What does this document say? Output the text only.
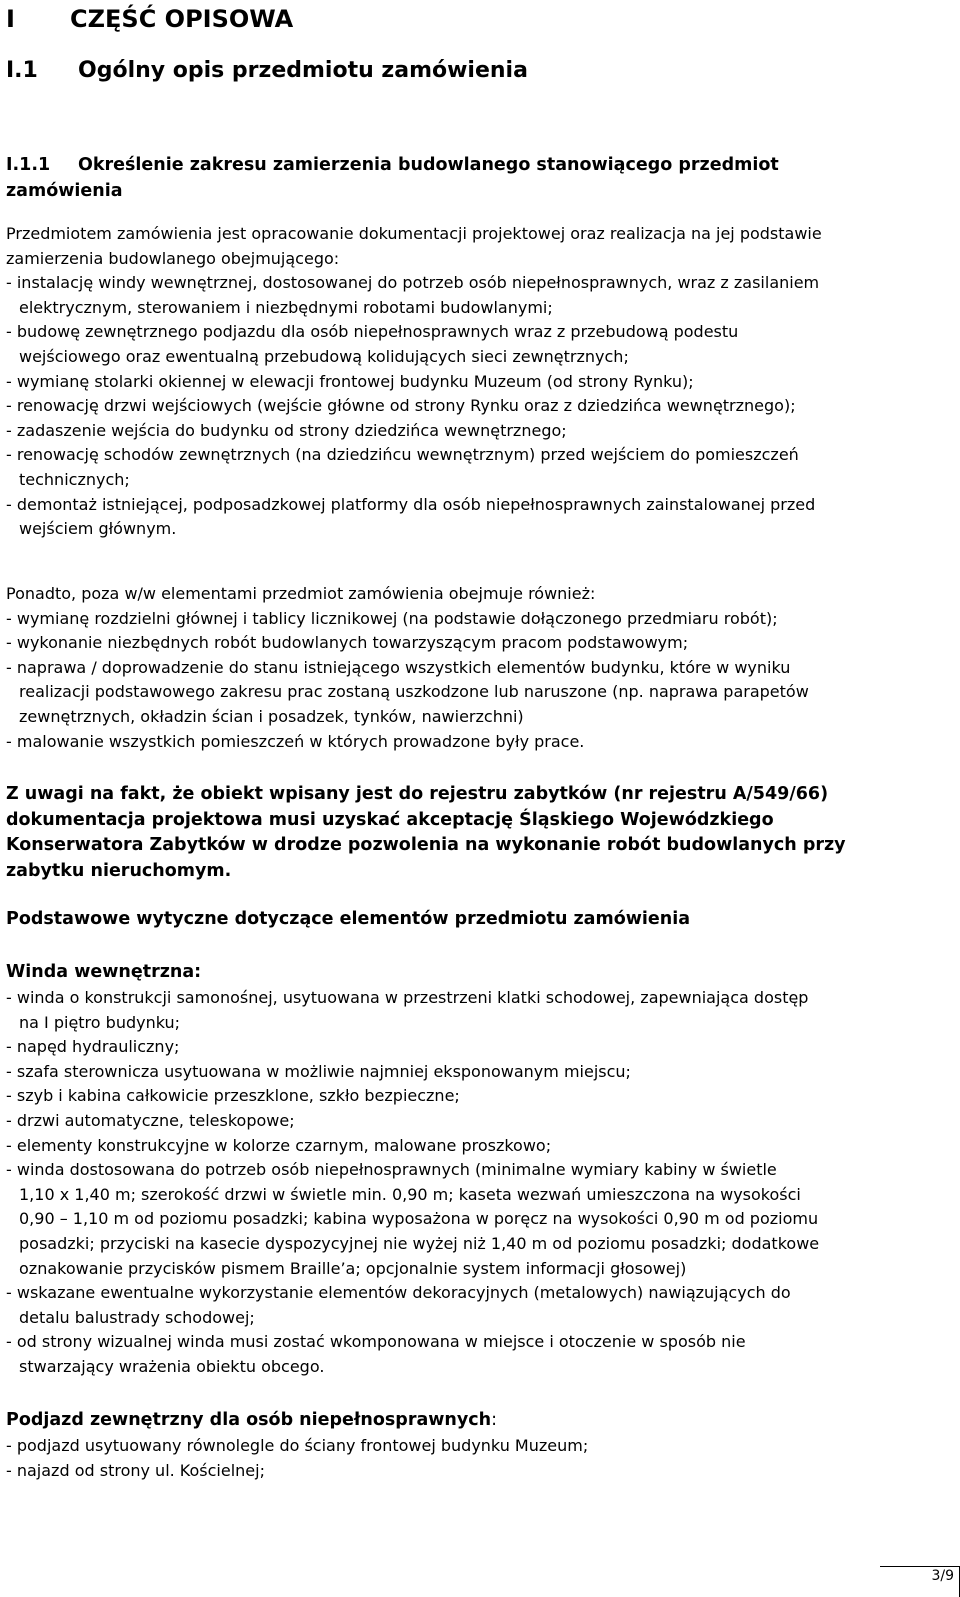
I CZĘŚĆ OPISOWA
I.1 Ogólny opis przedmiotu zamówienia
I.1.1	Określenie zakresu zamierzenia budowlanego stanowiącego przedmiot
zamówienia
Przedmiotem zamówienia jest opracowanie dokumentacji projektowej oraz realizacja na jej podstawie
zamierzenia budowlanego obejmującego:
- instalację windy wewnętrznej, dostosowanej do potrzeb osób niepełnosprawnych, wraz z zasilaniem
elektrycznym, sterowaniem i niezbędnymi robotami budowlanymi;
- budowę zewnętrznego podjazdu dla osób niepełnosprawnych wraz z przebudową podestu
wejściowego oraz ewentualną przebudową kolidujących sieci zewnętrznych;
- wymianę stolarki okiennej w elewacji frontowej budynku Muzeum (od strony Rynku);
- renowację drzwi wejściowych (wejście główne od strony Rynku oraz z dziedzińca wewnętrznego);
- zadaszenie wejścia do budynku od strony dziedzińca wewnętrznego;
- renowację schodów zewnętrznych (na dziedzińcu wewnętrznym) przed wejściem do pomieszczeń
technicznych;
- demontaż istniejącej, podposadzkowej platformy dla osób niepełnosprawnych zainstalowanej przed
wejściem głównym.
Ponadto, poza w/w elementami przedmiot zamówienia obejmuje również:
- wymianę rozdzielni głównej i tablicy licznikowej (na podstawie dołączonego przedmiaru robót);
- wykonanie niezbędnych robót budowlanych towarzyszącym pracom podstawowym;
- naprawa / doprowadzenie do stanu istniejącego wszystkich elementów budynku, które w wyniku
realizacji podstawowego zakresu prac zostaną uszkodzone lub naruszone (np. naprawa parapetów
zewnętrznych, okładzin ścian i posadzek, tynków, nawierzchni)
- malowanie wszystkich pomieszczeń w których prowadzone były prace.
Z uwagi na fakt, że obiekt wpisany jest do rejestru zabytków (nr rejestru A/549/66)
dokumentacja projektowa musi uzyskać akceptację Śląskiego Wojewódzkiego
Konserwatora Zabytków w drodze pozwolenia na wykonanie robót budowlanych przy
zabytku nieruchomym.
Podstawowe wytyczne dotyczące elementów przedmiotu zamówienia
Winda wewnętrzna:
- winda o konstrukcji samonośnej, usytuowana w przestrzeni klatki schodowej, zapewniająca dostęp
na I piętro budynku;
- napęd hydrauliczny;
- szafa sterownicza usytuowana w możliwie najmniej eksponowanym miejscu;
- szyb i kabina całkowicie przeszklone, szkło bezpieczne;
- drzwi automatyczne, teleskopowe;
- elementy konstrukcyjne w kolorze czarnym, malowane proszkowo;
- winda dostosowana do potrzeb osób niepełnosprawnych (minimalne wymiary kabiny w świetle
1,10 x 1,40 m; szerokość drzwi w świetle min. 0,90 m; kaseta wezwań umieszczona na wysokości
0,90 – 1,10 m od poziomu posadzki; kabina wyposażona w poręcz na wysokości 0,90 m od poziomu
posadzki; przyciski na kasecie dyspozycyjnej nie wyżej niż 1,40 m od poziomu posadzki; dodatkowe
oznakowanie przycisków pismem Braille’a; opcjonalnie system informacji głosowej)
- wskazane ewentualne wykorzystanie elementów dekoracyjnych (metalowych) nawiązujących do
detalu balustrady schodowej;
- od strony wizualnej winda musi zostać wkomponowana w miejsce i otoczenie w sposób nie
stwarzający wrażenia obiektu obcego.
Podjazd zewnętrzny dla osób niepełnosprawnych:
- podjazd usytuowany równolegle do ściany frontowej budynku Muzeum;
- najazd od strony ul. Kościelnej;
3/9
